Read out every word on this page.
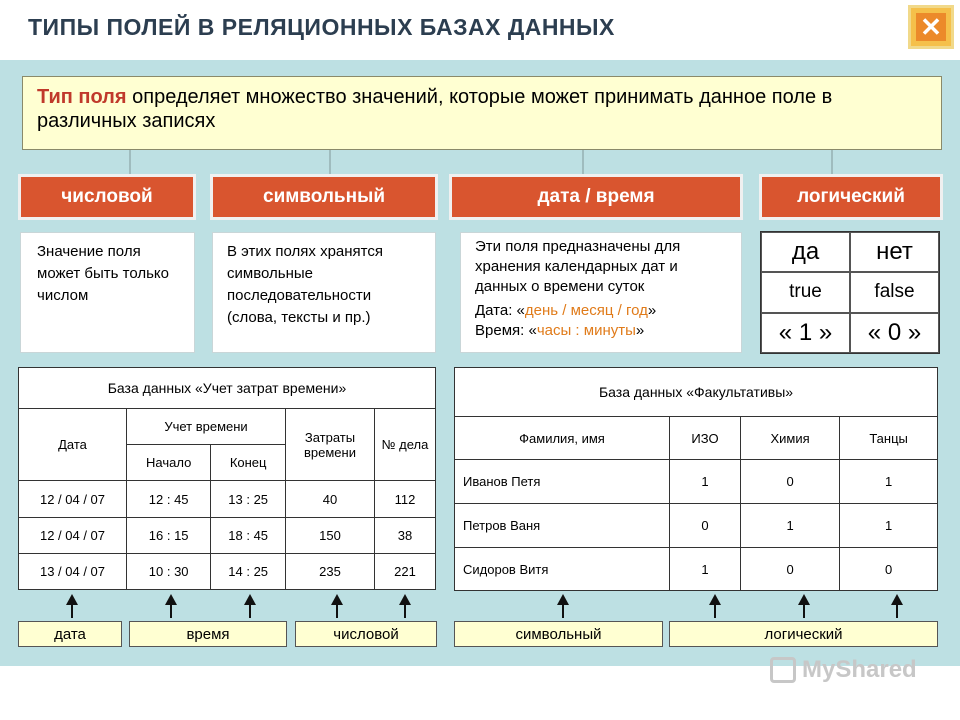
ТИПЫ ПОЛЕЙ В РЕЛЯЦИОННЫХ БАЗАХ ДАННЫХ	✕
Тип поля определяет множество значений, которые может принимать данное поле в различных записях
числовой	символьный	дата / время	логический
Значение поля может быть только числом
В этих полях хранятся символьные последовательности (слова, тексты и пр.)
Эти поля предназначены для хранения календарных дат и данных о времени суток
Дата: «день / месяц / год»
Время: «часы : минуты»
да	нет
true	false
« 1 »	« 0 »
База данных «Учет затрат времени»				
Дата	Учет времени		Затраты времени	№ дела
	Начало	Конец		
12 / 04 / 07	12 : 45	13 : 25	40	112
12 / 04 / 07	16 : 15	18 : 45	150	38
13 / 04 / 07	10 : 30	14 : 25	235	221
База данных «Факультативы»			
Фамилия, имя	ИЗО	Химия	Танцы
Иванов Петя	1	0	1
Петров Ваня	0	1	1
Сидоров Витя	1	0	0
дата	время	числовой	символьный	логический
MyShared
